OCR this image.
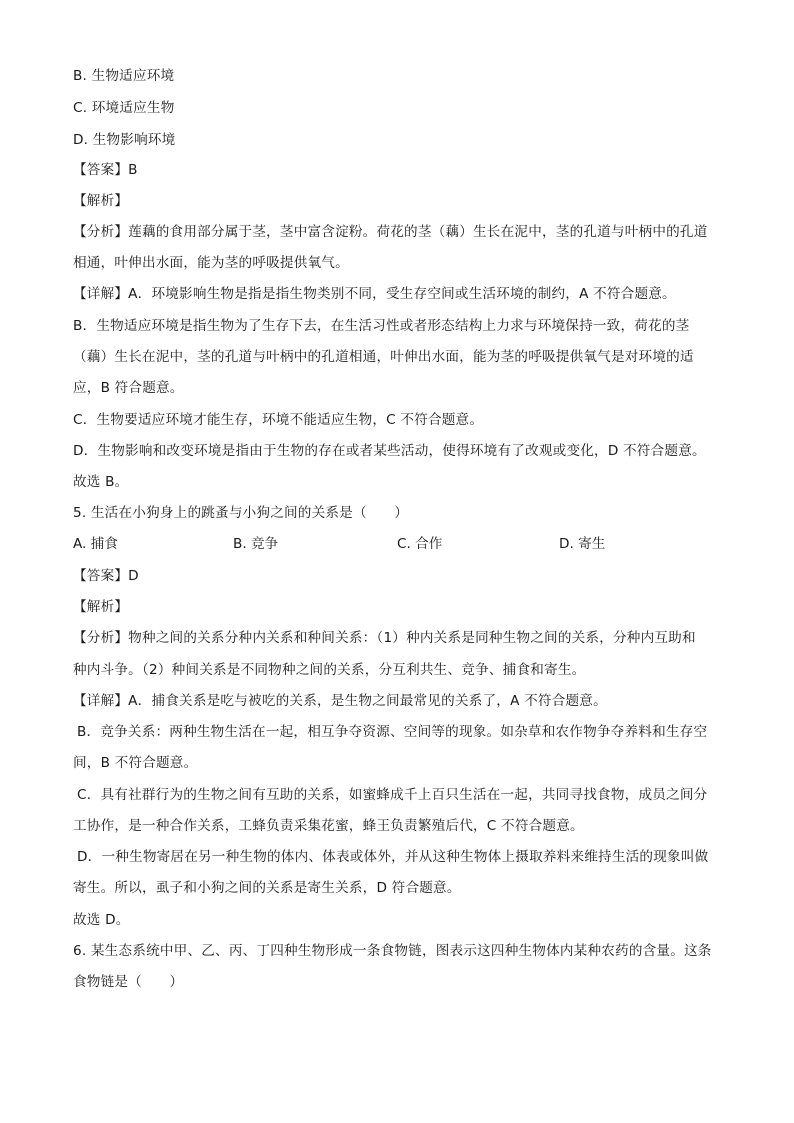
B. 生物适应环境
C. 环境适应生物
D. 生物影响环境
【答案】B
【解析】
【分析】莲藕的食用部分属于茎，茎中富含淀粉。荷花的茎（藕）生长在泥中，茎的孔道与叶柄中的孔道
相通，叶伸出水面，能为茎的呼吸提供氧气。
【详解】A．环境影响生物是指是指生物类别不同，受生存空间或生活环境的制约，A 不符合题意。
B．生物适应环境是指生物为了生存下去，在生活习性或者形态结构上力求与环境保持一致，荷花的茎
（藕）生长在泥中，茎的孔道与叶柄中的孔道相通，叶伸出水面，能为茎的呼吸提供氧气是对环境的适
应，B 符合题意。
C．生物要适应环境才能生存，环境不能适应生物，C 不符合题意。
D．生物影响和改变环境是指由于生物的存在或者某些活动，使得环境有了改观或变化，D 不符合题意。
故选 B。
5. 生活在小狗身上的跳蚤与小狗之间的关系是（　　）
A. 捕食	B. 竞争	C. 合作	D. 寄生
【答案】D
【解析】
【分析】物种之间的关系分种内关系和种间关系：（1）种内关系是同种生物之间的关系，分种内互助和
种内斗争。（2）种间关系是不同物种之间的关系，分互利共生、竞争、捕食和寄生。
【详解】A．捕食关系是吃与被吃的关系，是生物之间最常见的关系了，A 不符合题意。
B．竞争关系：两种生物生活在一起，相互争夺资源、空间等的现象。如杂草和农作物争夺养料和生存空
间，B 不符合题意。
C．具有社群行为的生物之间有互助的关系，如蜜蜂成千上百只生活在一起，共同寻找食物，成员之间分
工协作，是一种合作关系，工蜂负责采集花蜜，蜂王负责繁殖后代，C 不符合题意。
D．一种生物寄居在另一种生物的体内、体表或体外，并从这种生物体上摄取养料来维持生活的现象叫做
寄生。所以，虱子和小狗之间的关系是寄生关系，D 符合题意。
故选 D。
6. 某生态系统中甲、乙、丙、丁四种生物形成一条食物链，图表示这四种生物体内某种农药的含量。这条
食物链是（　　）
